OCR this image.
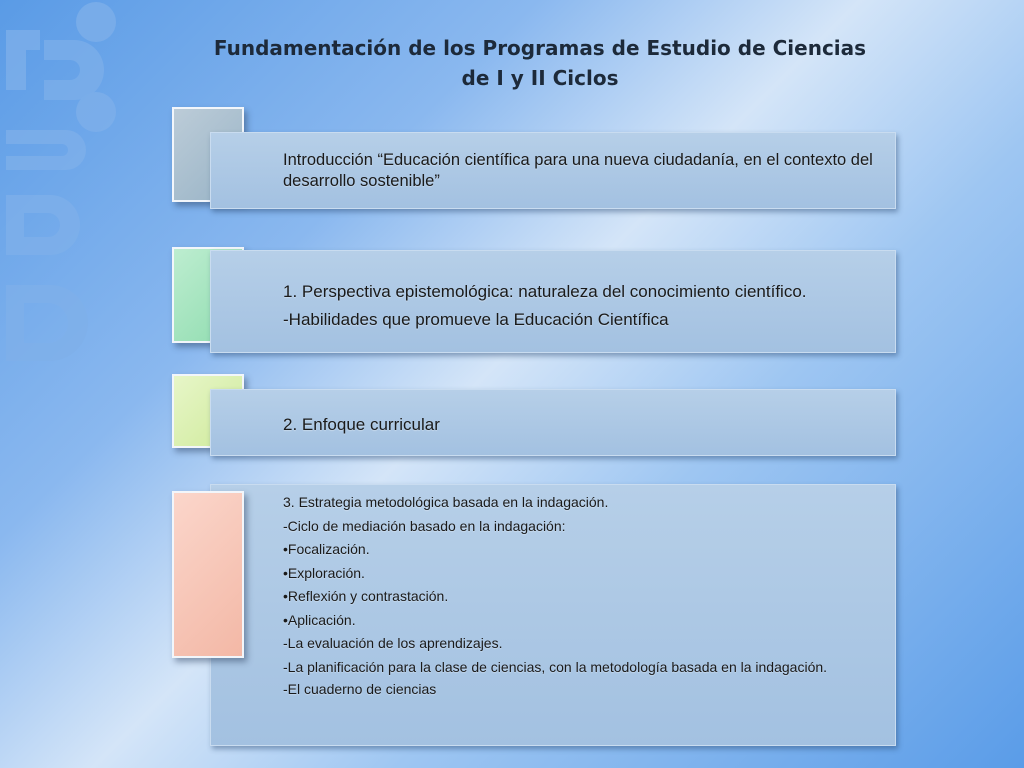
Fundamentación de los Programas de Estudio de Ciencias de I y II Ciclos
Introducción “Educación científica para una nueva ciudadanía, en el contexto del desarrollo sostenible”
1. Perspectiva epistemológica: naturaleza del conocimiento científico.
-Habilidades que promueve la Educación Científica
2. Enfoque curricular
3. Estrategia metodológica basada en la indagación.
-Ciclo de mediación basado en la indagación:
•Focalización.
•Exploración.
•Reflexión y contrastación.
•Aplicación.
-La evaluación de los aprendizajes.
-La planificación para la clase de ciencias, con la metodología basada en la indagación.
-El cuaderno de ciencias
